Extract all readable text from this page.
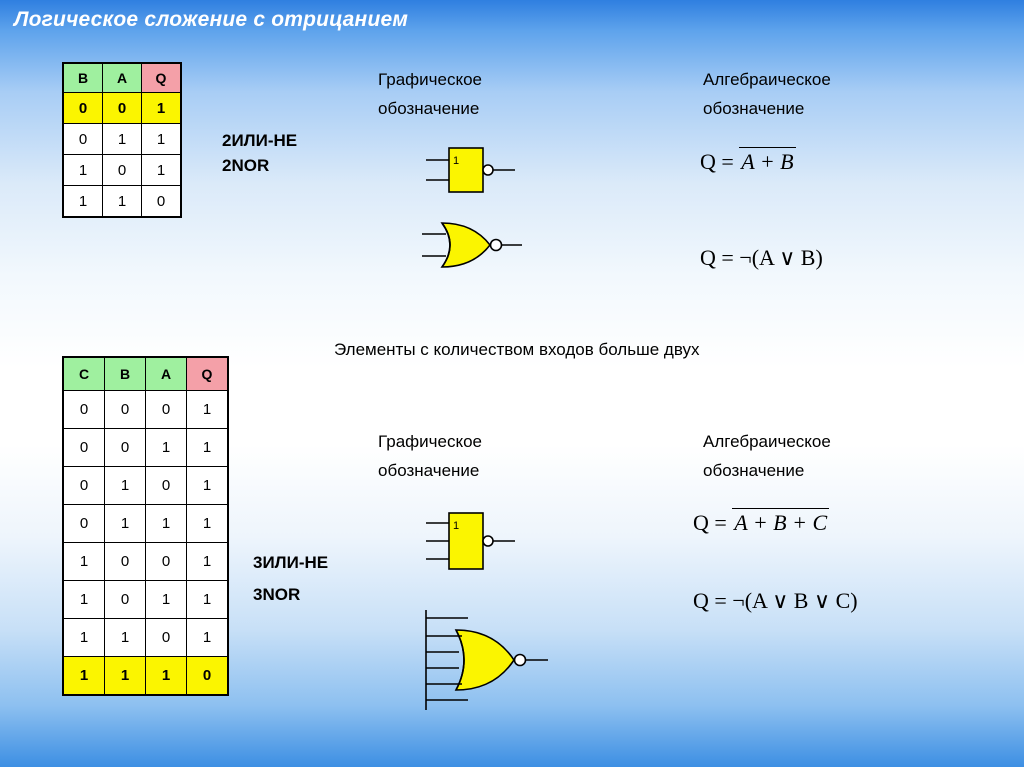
Логическое сложение с отрицанием
B	A	Q
0	0	1
0	1	1
1	0	1
1	1	0
2ИЛИ-НЕ
2NOR
Графическое
обозначение
Алгебраическое
обозначение
1	Q = A + B
Q = ¬(A ∨ B)
Элементы с количеством входов больше двух
C	B	A	Q
0	0	0	1
0	0	1	1
0	1	0	1
0	1	1	1
1	0	0	1
1	0	1	1
1	1	0	1
1	1	1	0
3ИЛИ-НЕ
3NOR
Графическое
обозначение
Алгебраическое
обозначение
1	Q = A + B + C
Q = ¬(A ∨ B ∨ C)
